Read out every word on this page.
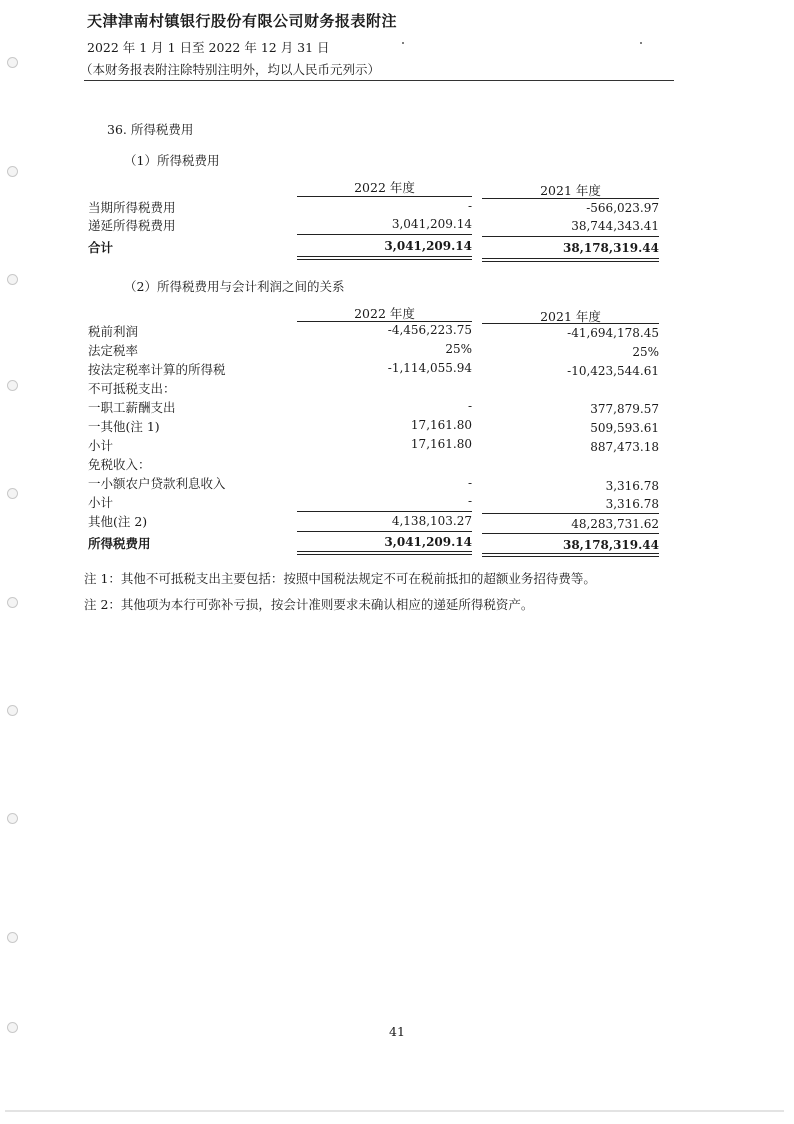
天津津南村镇银行股份有限公司财务报表附注
2022 年 1 月 1 日至 2022 年 12 月 31 日
（本财务报表附注除特别注明外，均以人民币元列示）
36. 所得税费用
（1）所得税费用
2022 年度	2021 年度
当期所得税费用	-	-566,023.97
递延所得税费用	3,041,209.14	38,744,343.41
合计	3,041,209.14	38,178,319.44
（2）所得税费用与会计利润之间的关系
2022 年度	2021 年度
税前利润	-4,456,223.75	-41,694,178.45
法定税率	25%	25%
按法定税率计算的所得税	-1,114,055.94	-10,423,544.61
不可抵税支出：
一职工薪酬支出	-	377,879.57
一其他(注 1)	17,161.80	509,593.61
小计	17,161.80	887,473.18
免税收入：
一小额农户贷款利息收入	-	3,316.78
小计	-	3,316.78
其他(注 2)	4,138,103.27	48,283,731.62
所得税费用	3,041,209.14	38,178,319.44
注 1：其他不可抵税支出主要包括：按照中国税法规定不可在税前抵扣的超额业务招待费等。
注 2：其他项为本行可弥补亏损，按会计准则要求未确认相应的递延所得税资产。
41
